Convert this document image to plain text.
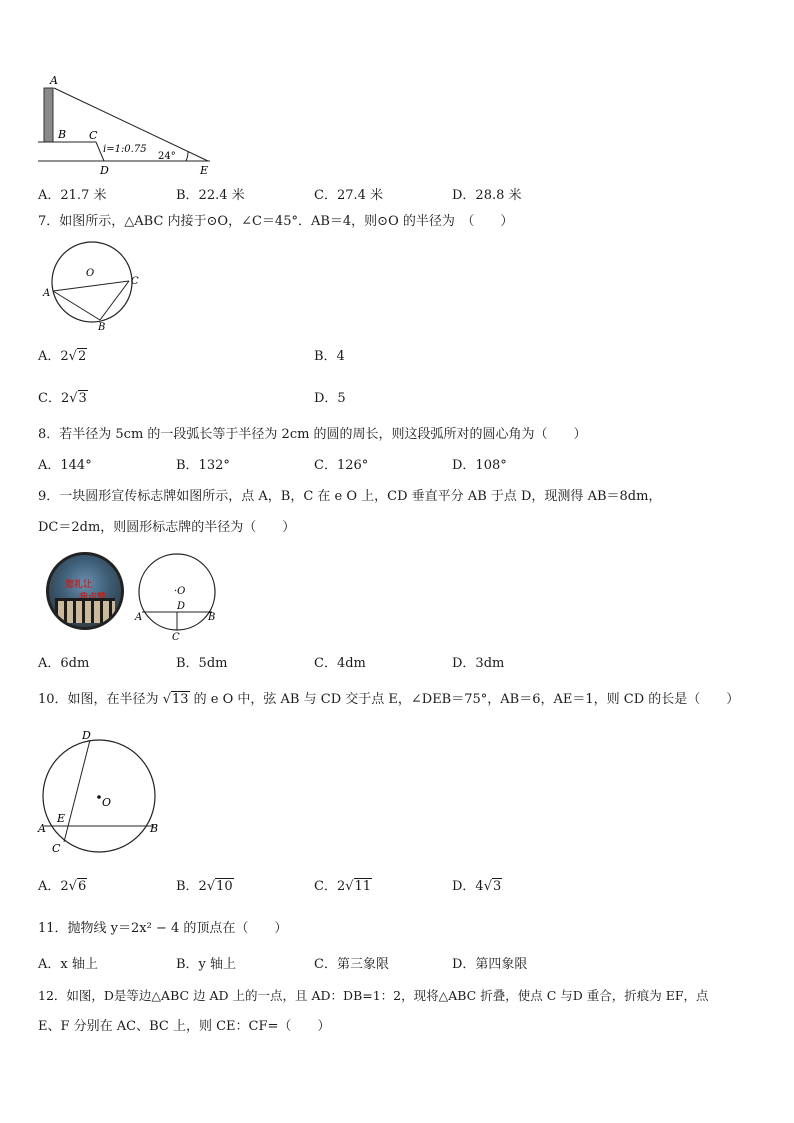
A
B C
D	E
i=1:0.75
24°
A．21.7 米	B．22.4 米	C．27.4 米	D．28.8 米
7．如图所示，△ABC 内接于⊙O，∠C＝45°．AB＝4，则⊙O 的半径为　（　　）
O
A
B
C
A．2√2	B．4
C．2√3	D．5
8．若半径为 5cm 的一段弧长等于半径为 2cm 的圆的周长，则这段弧所对的圆心角为（　　）
A．144°	B．132°	C．126°	D．108°
9．一块圆形宣传标志牌如图所示，点 A，B，C 在 e O 上，CD 垂直平分 AB 于点 D，现测得 AB＝8dm，
DC＝2dm，则圆形标志牌的半径为（　　）
您礼让
·O
D
A	B
C
A．6dm	B．5dm	C．4dm	D．3dm
10．如图，在半径为 √13 的 e O 中，弦 AB 与 CD 交于点 E，∠DEB＝75°，AB＝6，AE＝1，则 CD 的长是（　　）
D
O
E
A	B
C
A．2√6	B．2√10	C．2√11	D．4√3
11．抛物线 y＝2x² − 4 的顶点在（　　）
A．x 轴上	B．y 轴上	C．第三象限	D．第四象限
12．如图，D是等边△ABC 边 AD 上的一点，且 AD：DB=1：2，现将△ABC 折叠，使点 C 与D 重合，折痕为 EF，点
E、F 分别在 AC、BC 上，则 CE：CF=（　　）
